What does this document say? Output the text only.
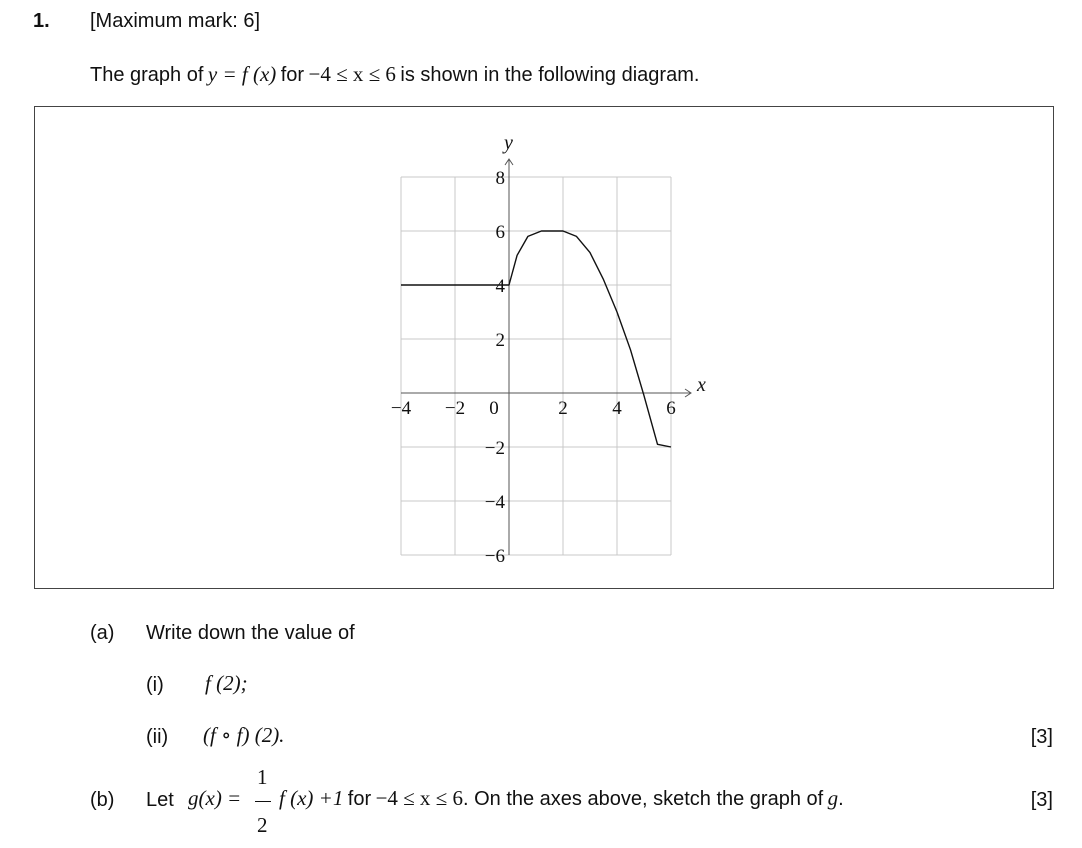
1. [Maximum mark: 6]
The graph of y = f (x) for −4 ≤ x ≤ 6 is shown in the following diagram.
x
y
−4 −2	2 4 6
8
6
4
2
−2
−4
−6
0
(a) Write down the value of
(i) f (2);
(ii) (f ∘ f) (2).	[3]
(b) Let g(x) =
1
2
f (x) +1 for −4 ≤ x ≤ 6. On the axes above, sketch the graph of g.	[3]
